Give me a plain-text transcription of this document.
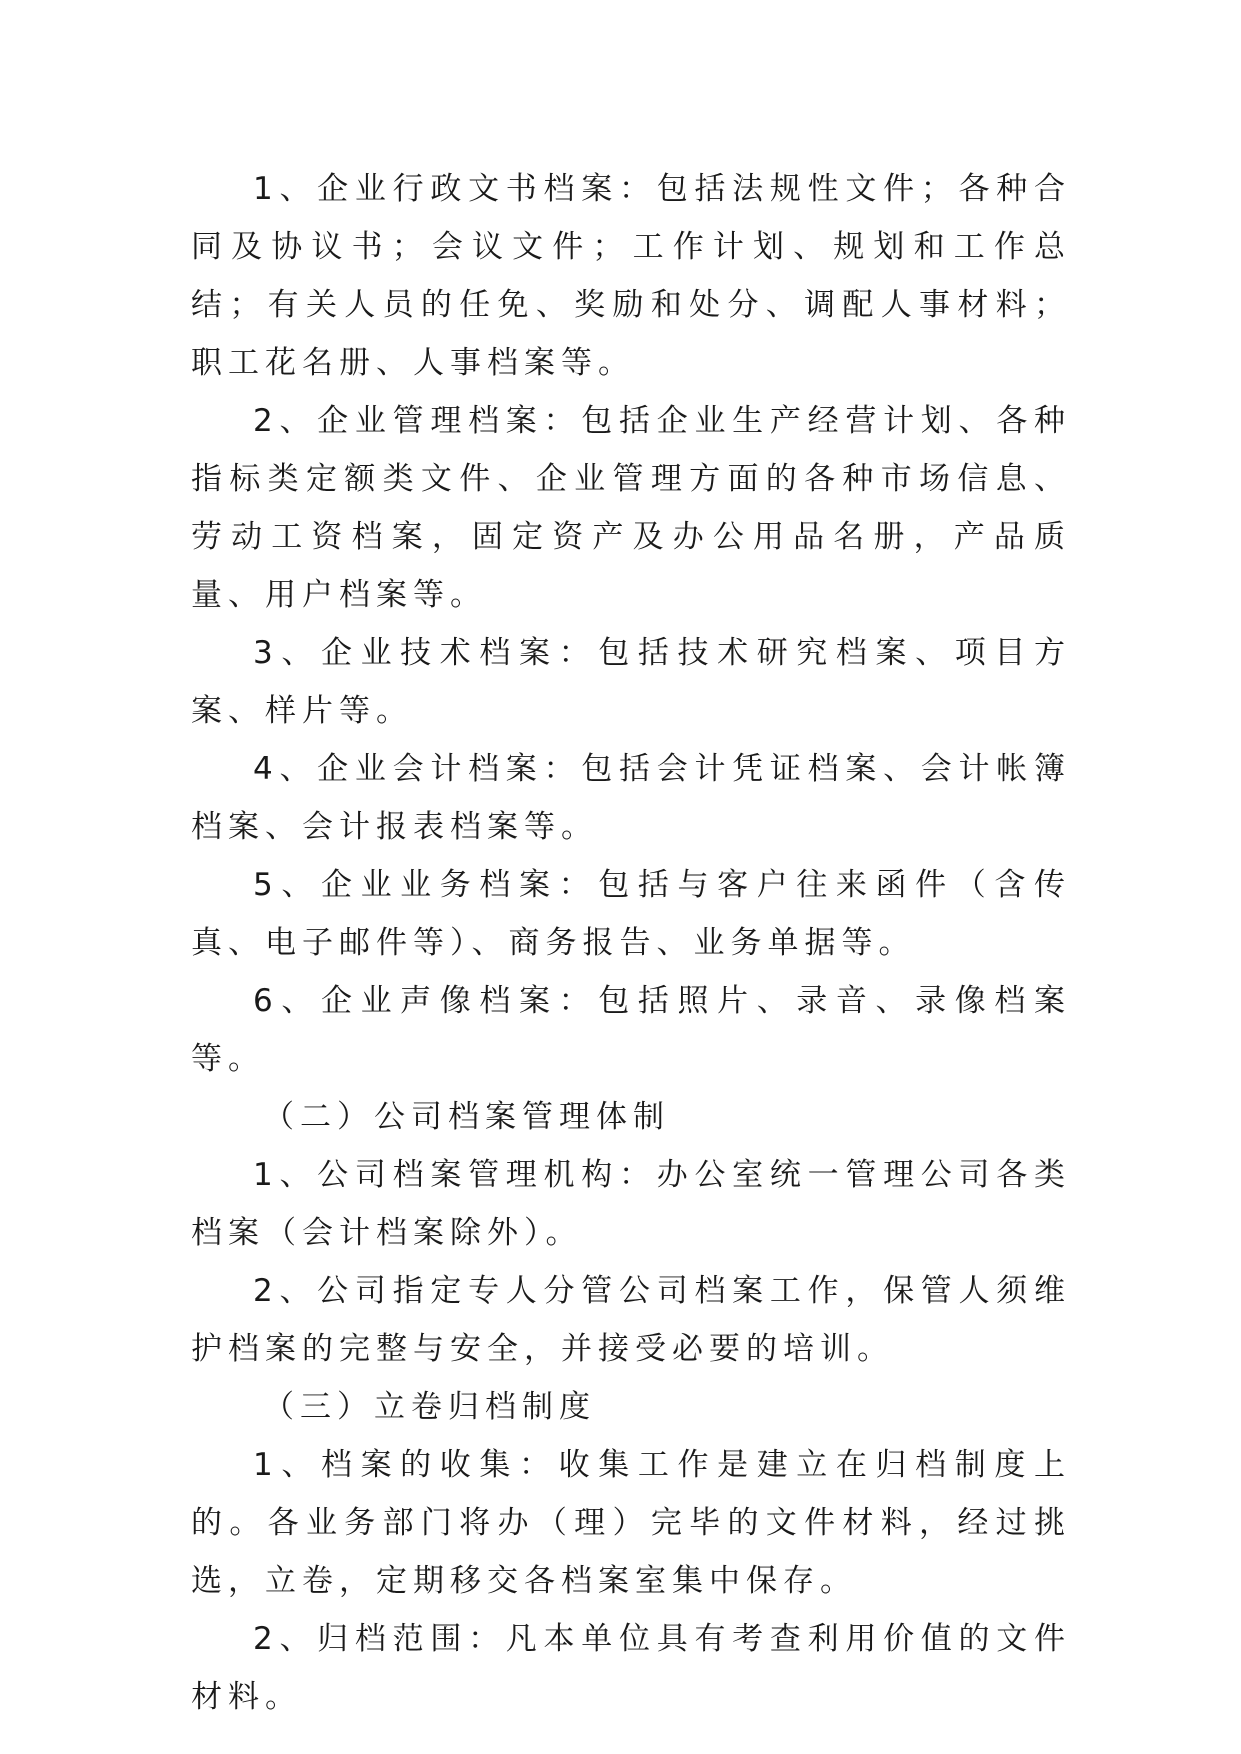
1、企业行政文书档案：包括法规性文件；各种合同及协议书；会议文件；工作计划、规划和工作总结；有关人员的任免、奖励和处分、调配人事材料；职工花名册、人事档案等。

2、企业管理档案：包括企业生产经营计划、各种指标类定额类文件、企业管理方面的各种市场信息、劳动工资档案，固定资产及办公用品名册，产品质量、用户档案等。

3、企业技术档案：包括技术研究档案、项目方案、样片等。

4、企业会计档案：包括会计凭证档案、会计帐簿档案、会计报表档案等。

5、企业业务档案：包括与客户往来函件（含传真、电子邮件等）、商务报告、业务单据等。

6、企业声像档案：包括照片、录音、录像档案等。

（二）公司档案管理体制

1、公司档案管理机构：办公室统一管理公司各类档案（会计档案除外）。

2、公司指定专人分管公司档案工作，保管人须维护档案的完整与安全，并接受必要的培训。

（三）立卷归档制度

1、档案的收集：收集工作是建立在归档制度上的。各业务部门将办（理）完毕的文件材料，经过挑选，立卷，定期移交各档案室集中保存。

2、归档范围：凡本单位具有考查利用价值的文件材料。
